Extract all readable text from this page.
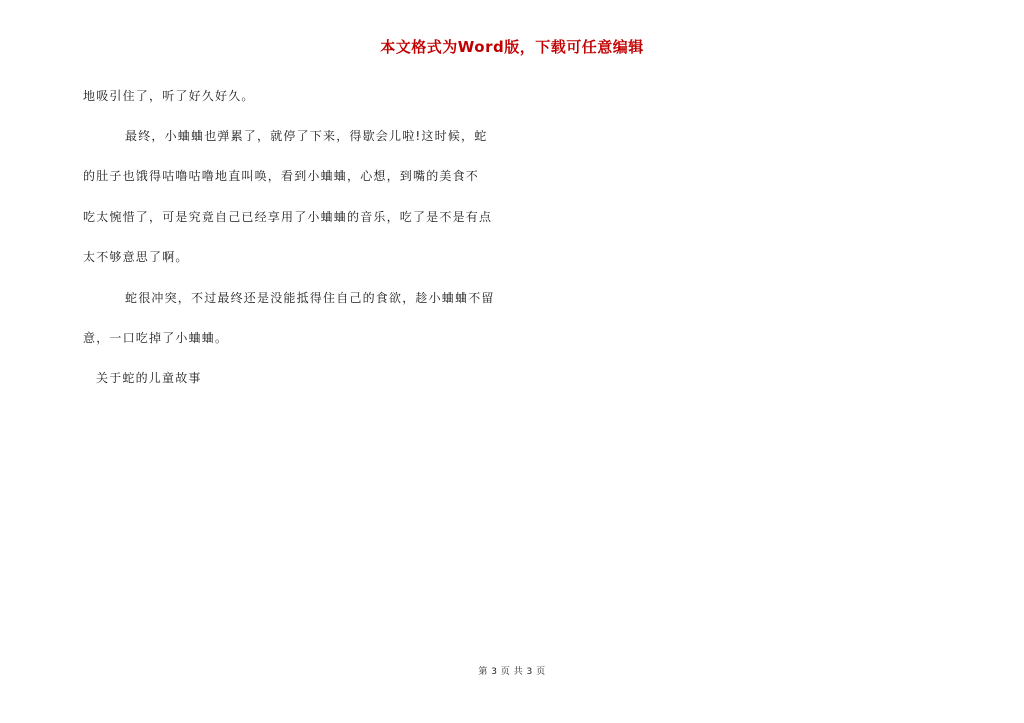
本文格式为Word版，下载可任意编辑
地吸引住了，听了好久好久。
最终，小蛐蛐也弹累了，就停了下来，得歇会儿啦!这时候，蛇
的肚子也饿得咕噜咕噜地直叫唤，看到小蛐蛐，心想，到嘴的美食不
吃太惋惜了，可是究竟自己已经享用了小蛐蛐的音乐，吃了是不是有点
太不够意思了啊。
蛇很冲突，不过最终还是没能抵得住自己的食欲，趁小蛐蛐不留
意，一口吃掉了小蛐蛐。
关于蛇的儿童故事
第 3 页 共 3 页
